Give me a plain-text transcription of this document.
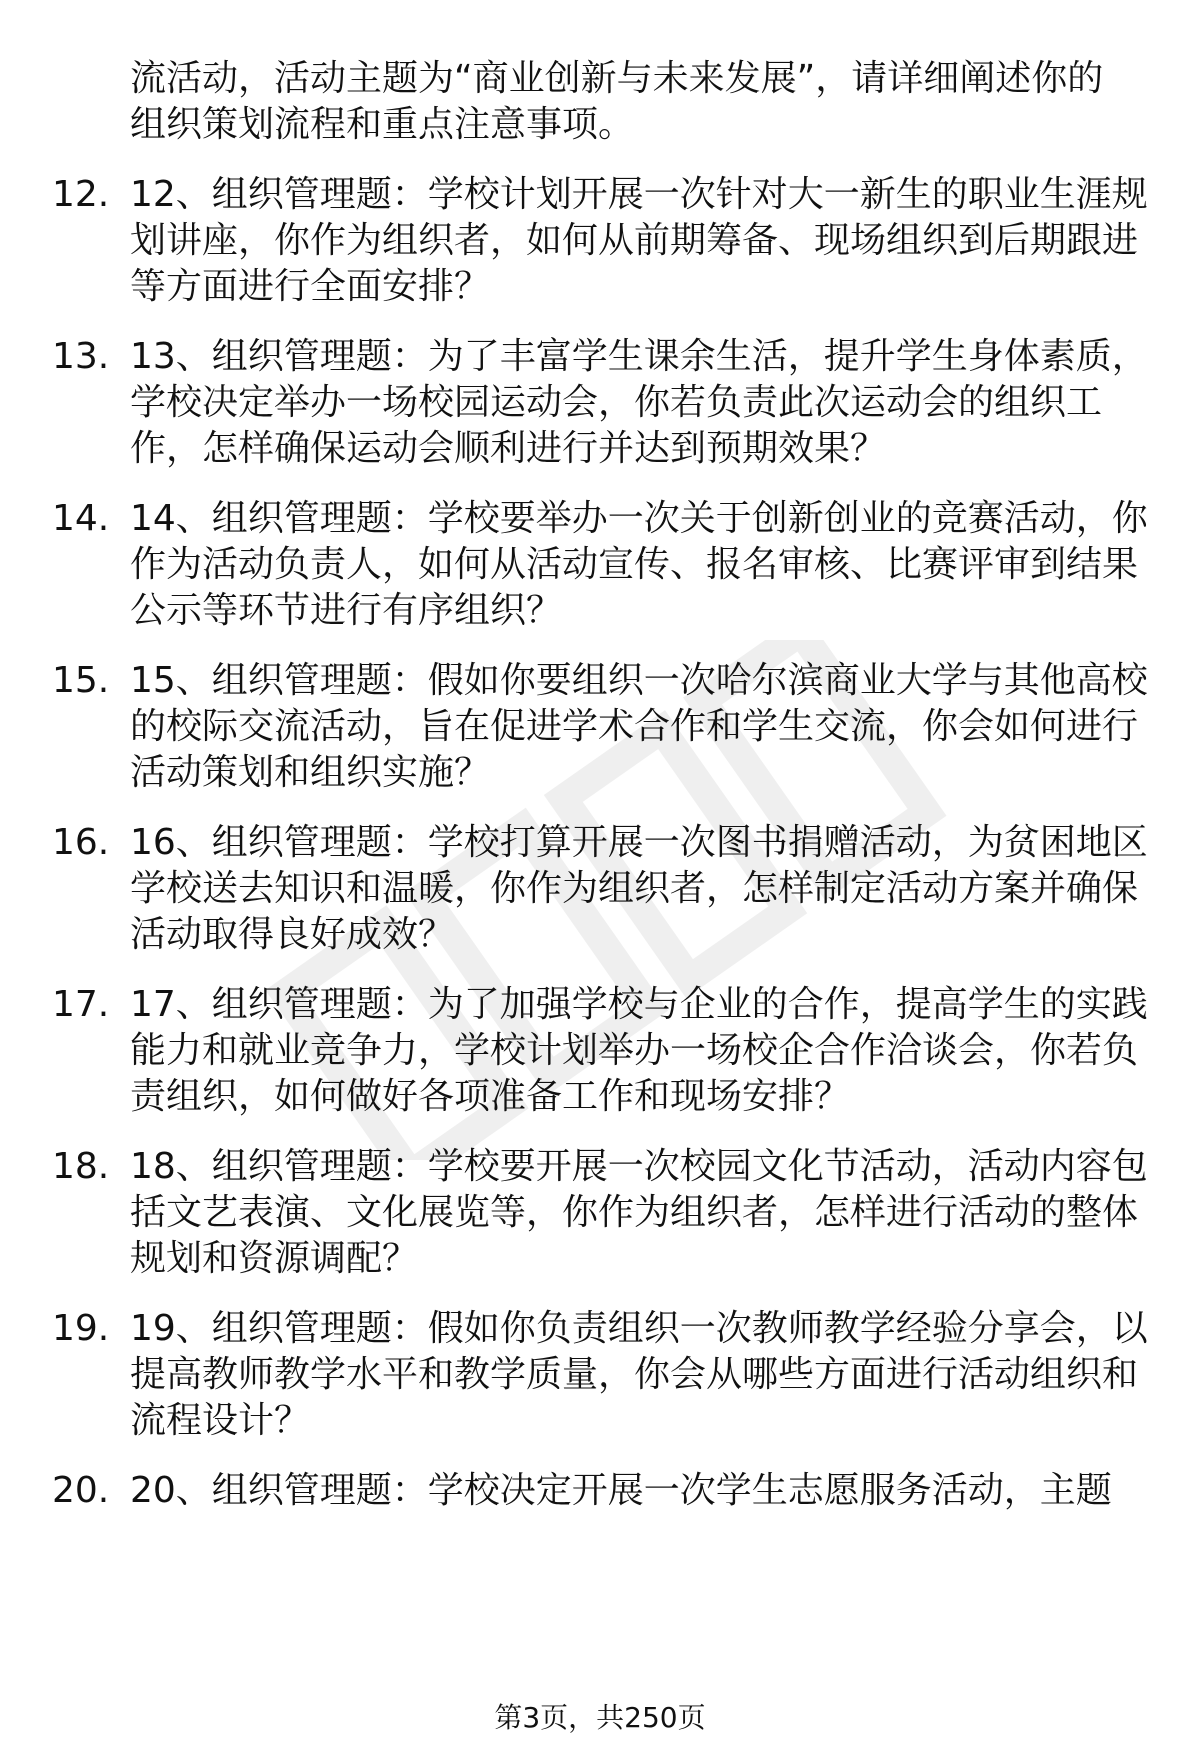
流活动，活动主题为“商业创新与未来发展”，请详细阐述你的
组织策划流程和重点注意事项。
12. 12、组织管理题：学校计划开展一次针对大一新生的职业生涯规
划讲座，你作为组织者，如何从前期筹备、现场组织到后期跟进
等方面进行全面安排？
13. 13、组织管理题：为了丰富学生课余生活，提升学生身体素质，
学校决定举办一场校园运动会，你若负责此次运动会的组织工
作，怎样确保运动会顺利进行并达到预期效果？
14. 14、组织管理题：学校要举办一次关于创新创业的竞赛活动，你
作为活动负责人，如何从活动宣传、报名审核、比赛评审到结果
公示等环节进行有序组织？
15. 15、组织管理题：假如你要组织一次哈尔滨商业大学与其他高校
的校际交流活动，旨在促进学术合作和学生交流，你会如何进行
活动策划和组织实施？
16. 16、组织管理题：学校打算开展一次图书捐赠活动，为贫困地区
学校送去知识和温暖，你作为组织者，怎样制定活动方案并确保
活动取得良好成效？
17. 17、组织管理题：为了加强学校与企业的合作，提高学生的实践
能力和就业竞争力，学校计划举办一场校企合作洽谈会，你若负
责组织，如何做好各项准备工作和现场安排？
18. 18、组织管理题：学校要开展一次校园文化节活动，活动内容包
括文艺表演、文化展览等，你作为组织者，怎样进行活动的整体
规划和资源调配？
19. 19、组织管理题：假如你负责组织一次教师教学经验分享会，以
提高教师教学水平和教学质量，你会从哪些方面进行活动组织和
流程设计？
20. 20、组织管理题：学校决定开展一次学生志愿服务活动，主题
第3页，共250页
